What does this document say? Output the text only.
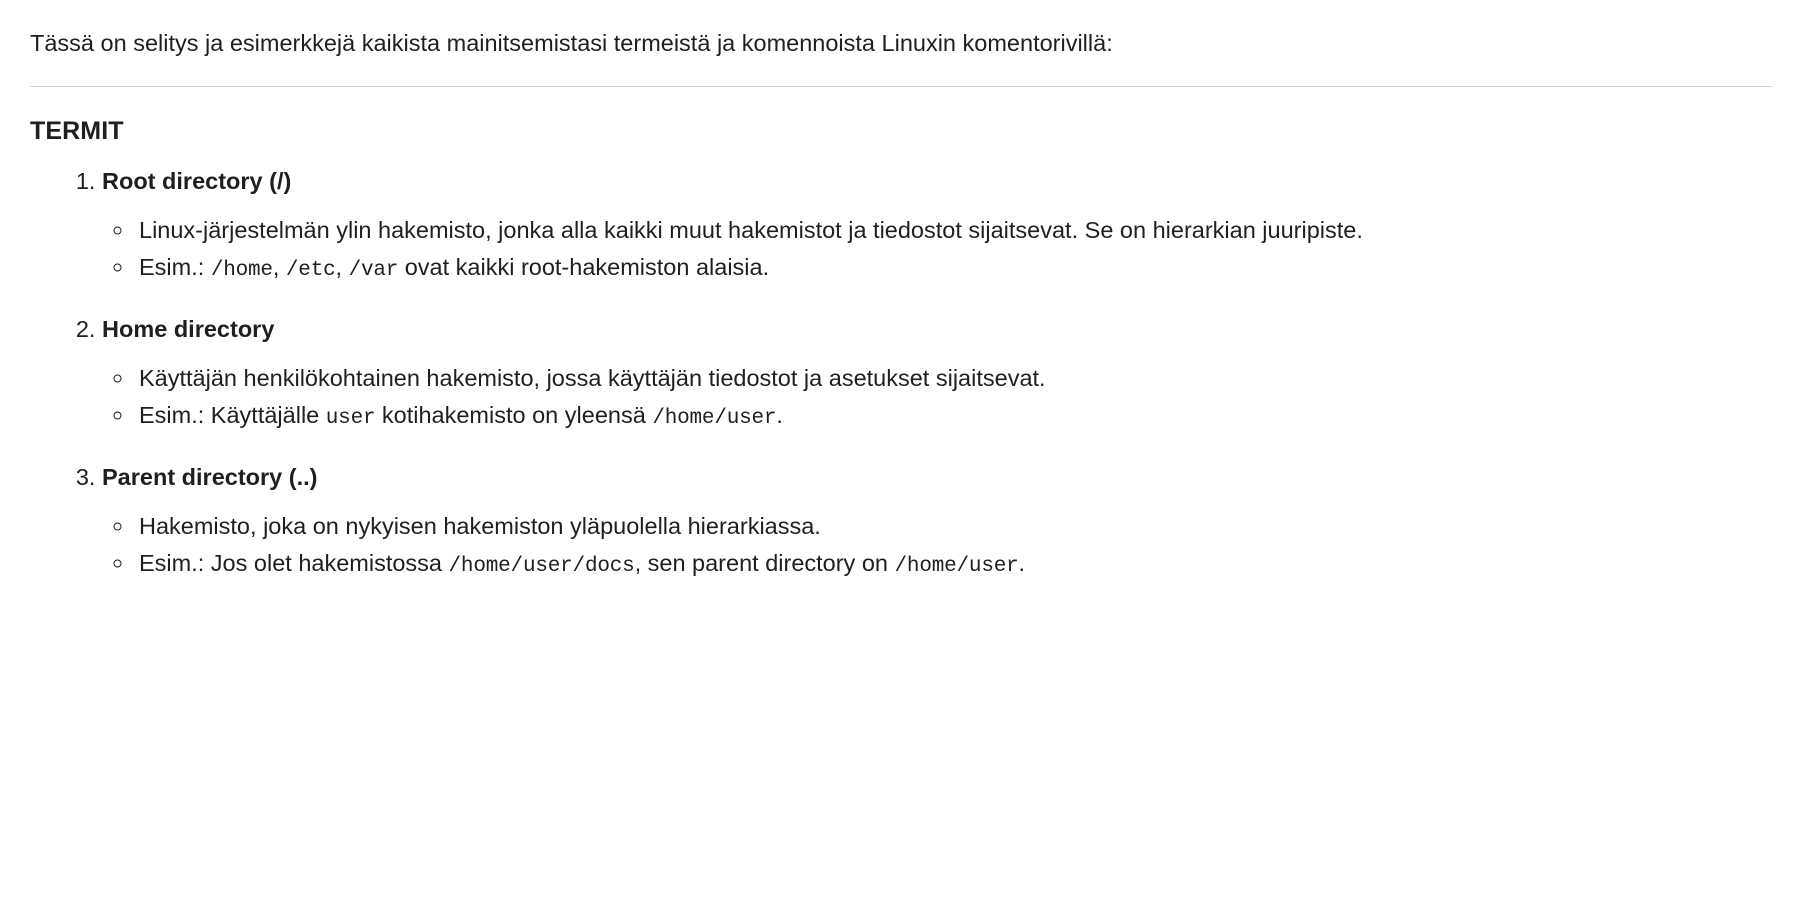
Tässä on selitys ja esimerkkejä kaikista mainitsemistasi termeistä ja komennoista Linuxin komentorivillä:

TERMIT
1. Root directory (/)
◦ Linux-järjestelmän ylin hakemisto, jonka alla kaikki muut hakemistot ja tiedostot sijaitsevat. Se on hierarkian juuripiste.
◦ Esim.: /home, /etc, /var ovat kaikki root-hakemiston alaisia.
2. Home directory
◦ Käyttäjän henkilökohtainen hakemisto, jossa käyttäjän tiedostot ja asetukset sijaitsevat.
◦ Esim.: Käyttäjälle user kotihakemisto on yleensä /home/user.
3. Parent directory (..)
◦ Hakemisto, joka on nykyisen hakemiston yläpuolella hierarkiassa.
◦ Esim.: Jos olet hakemistossa /home/user/docs, sen parent directory on /home/user.
